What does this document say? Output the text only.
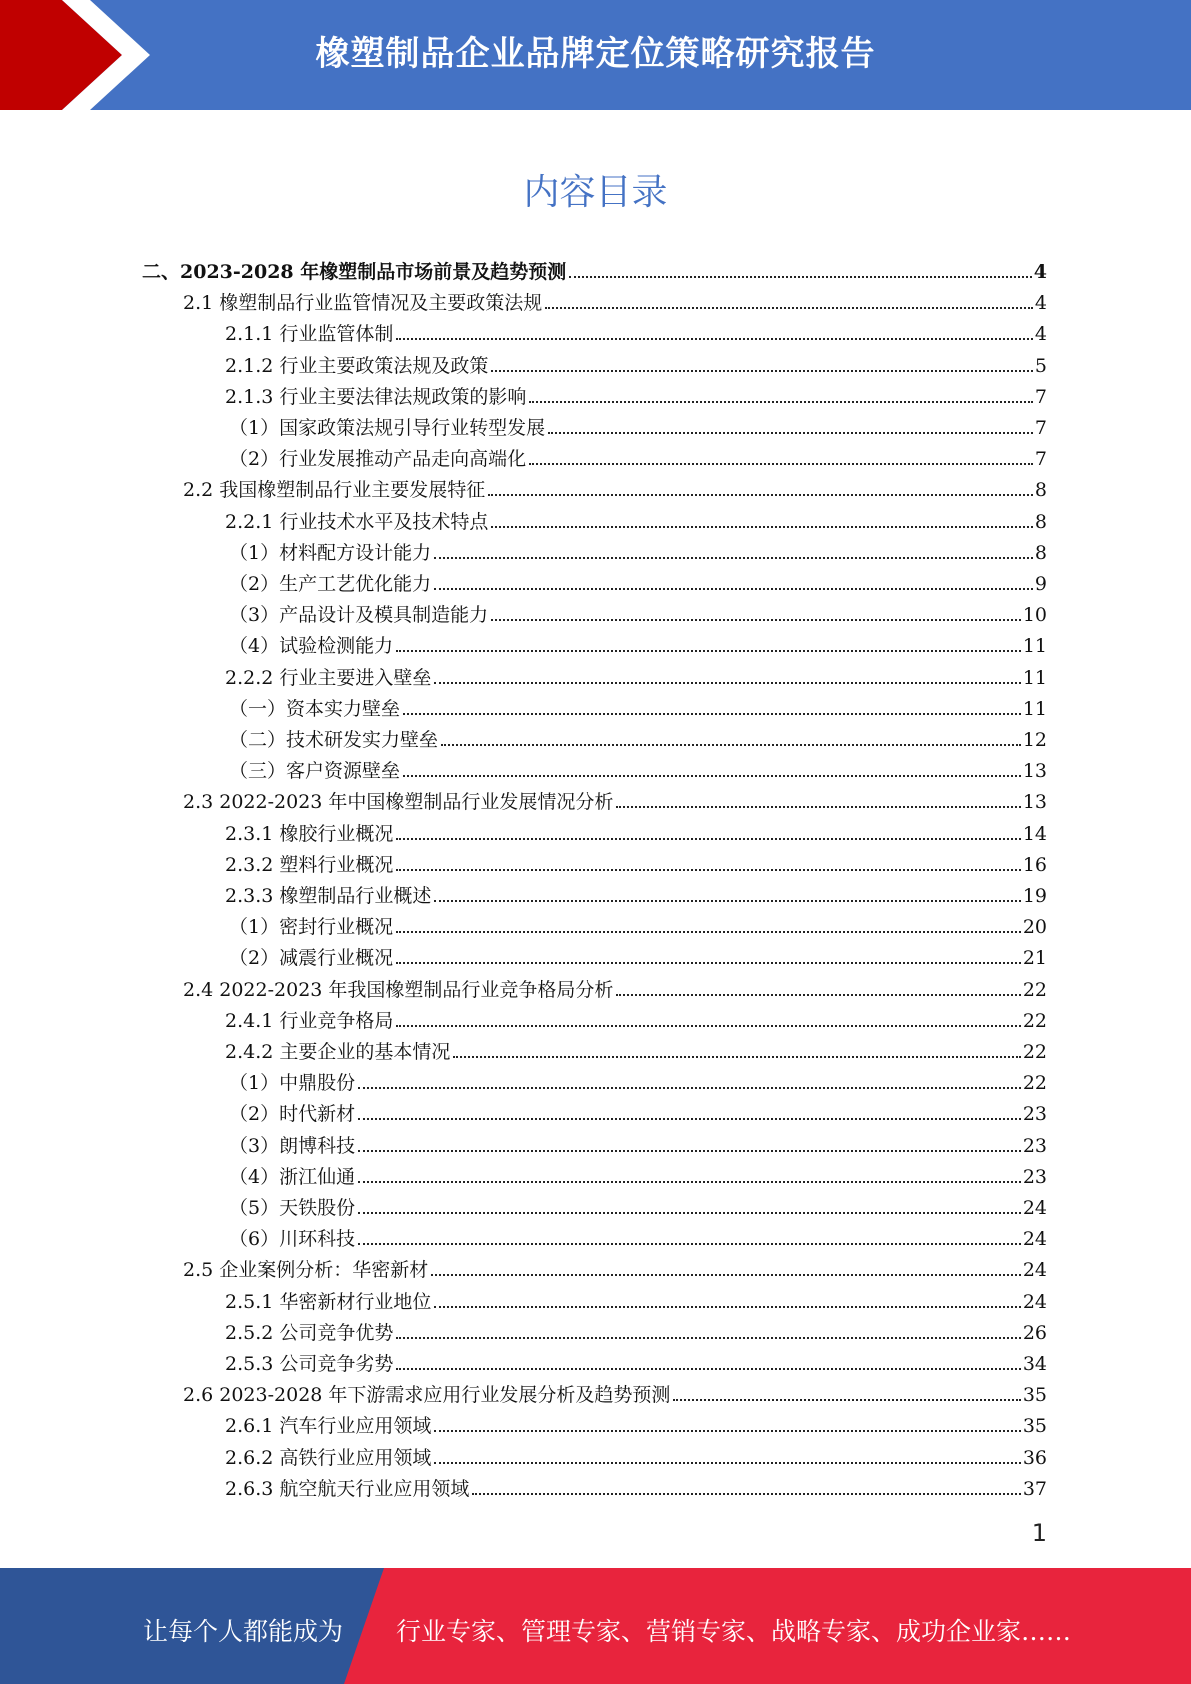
橡塑制品企业品牌定位策略研究报告
内容目录
二、2023-2028 年橡塑制品市场前景及趋势预测	4
2.1 橡塑制品行业监管情况及主要政策法规	4
2.1.1 行业监管体制	4
2.1.2 行业主要政策法规及政策	5
2.1.3 行业主要法律法规政策的影响	7
（1）国家政策法规引导行业转型发展	7
（2）行业发展推动产品走向高端化	7
2.2 我国橡塑制品行业主要发展特征	8
2.2.1 行业技术水平及技术特点	8
（1）材料配方设计能力	8
（2）生产工艺优化能力	9
（3）产品设计及模具制造能力	10
（4）试验检测能力	11
2.2.2 行业主要进入壁垒	11
（一）资本实力壁垒	11
（二）技术研发实力壁垒	12
（三）客户资源壁垒	13
2.3 2022-2023 年中国橡塑制品行业发展情况分析	13
2.3.1 橡胶行业概况	14
2.3.2 塑料行业概况	16
2.3.3 橡塑制品行业概述	19
（1）密封行业概况	20
（2）减震行业概况	21
2.4 2022-2023 年我国橡塑制品行业竞争格局分析	22
2.4.1 行业竞争格局	22
2.4.2 主要企业的基本情况	22
（1）中鼎股份	22
（2）时代新材	23
（3）朗博科技	23
（4）浙江仙通	23
（5）天铁股份	24
（6）川环科技	24
2.5 企业案例分析：华密新材	24
2.5.1 华密新材行业地位	24
2.5.2 公司竞争优势	26
2.5.3 公司竞争劣势	34
2.6 2023-2028 年下游需求应用行业发展分析及趋势预测	35
2.6.1 汽车行业应用领域	35
2.6.2 高铁行业应用领域	36
2.6.3 航空航天行业应用领域	37
1
让每个人都能成为 行业专家、管理专家、营销专家、战略专家、成功企业家……
